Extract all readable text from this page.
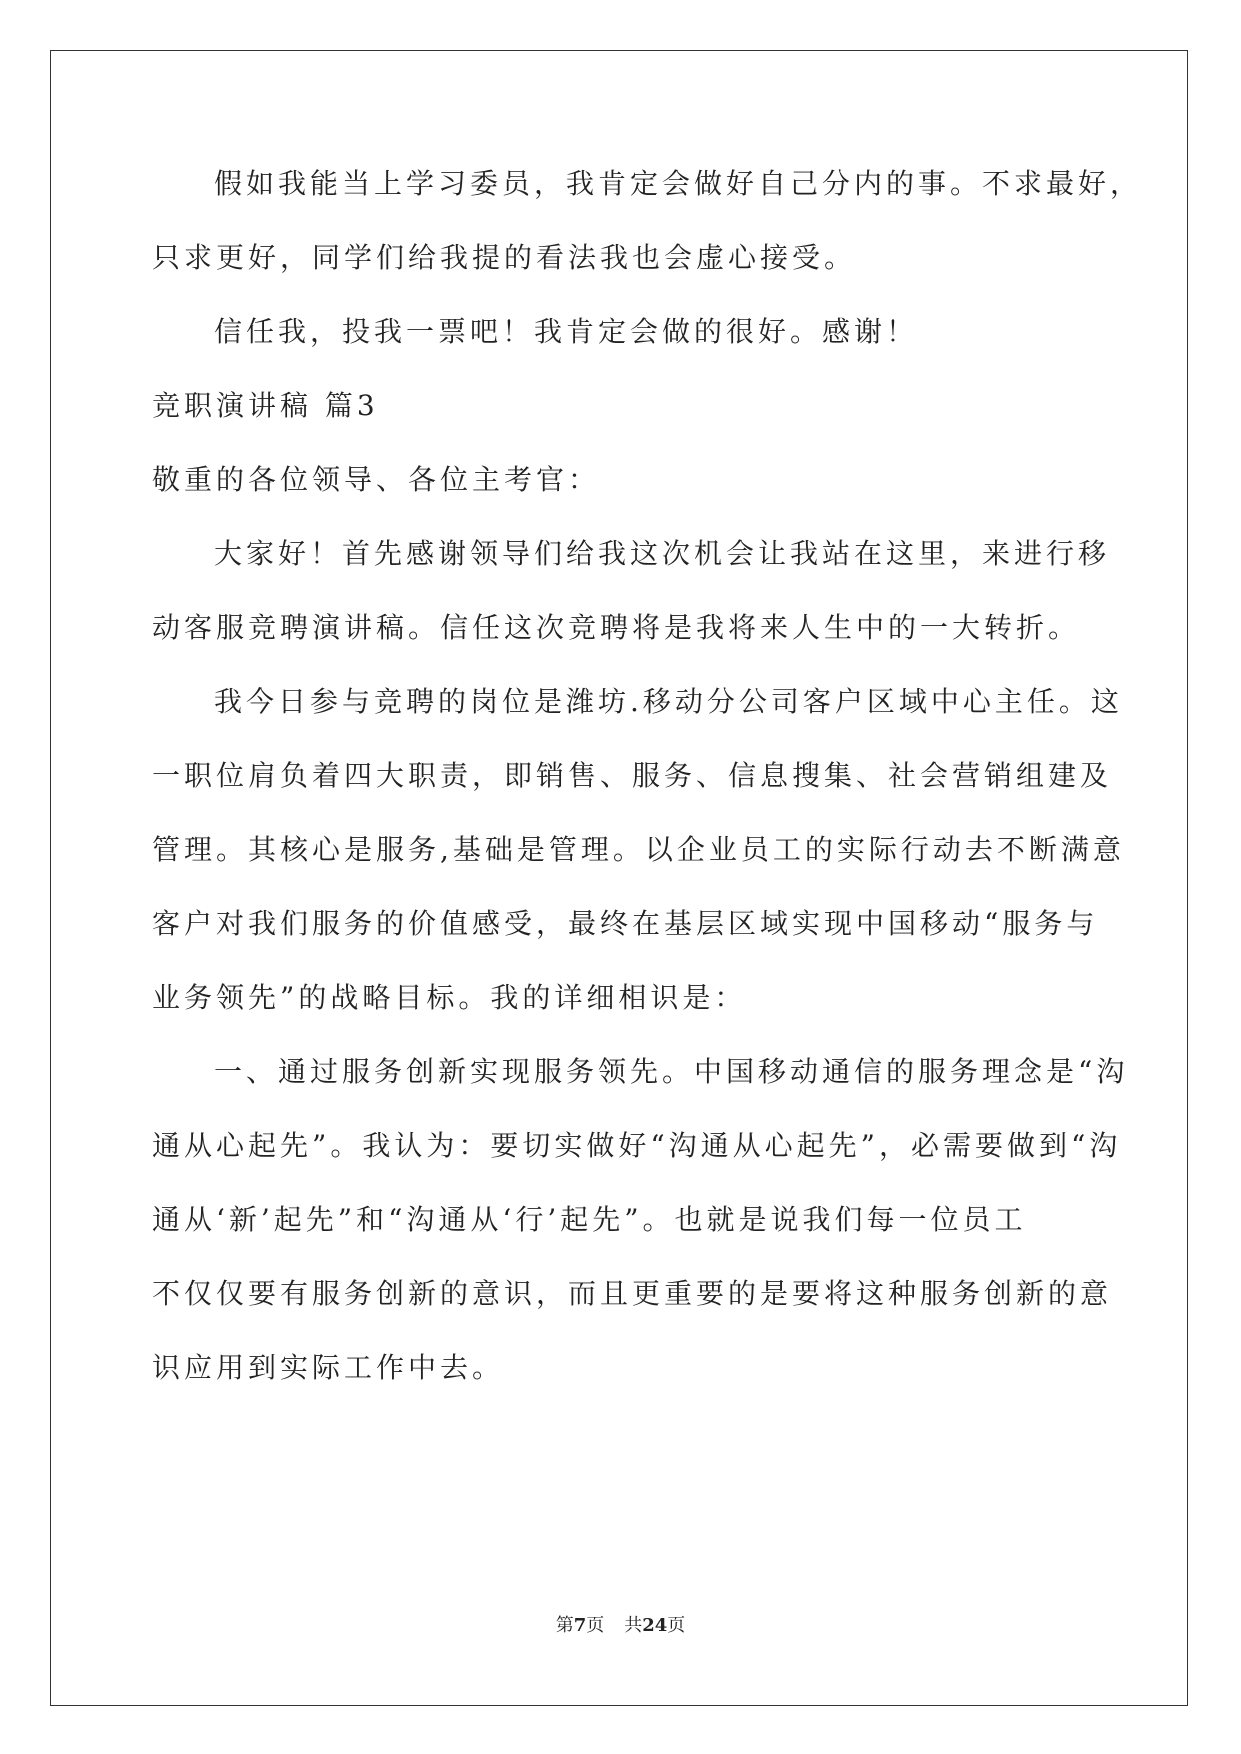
假如我能当上学习委员，我肯定会做好自己分内的事。不求最好，
只求更好，同学们给我提的看法我也会虚心接受。
信任我，投我一票吧！我肯定会做的很好。感谢！
竞职演讲稿 篇3
敬重的各位领导、各位主考官：
大家好！首先感谢领导们给我这次机会让我站在这里，来进行移
动客服竞聘演讲稿。信任这次竞聘将是我将来人生中的一大转折。
我今日参与竞聘的岗位是潍坊.移动分公司客户区域中心主任。这
一职位肩负着四大职责，即销售、服务、信息搜集、社会营销组建及
管理。其核心是服务,基础是管理。以企业员工的实际行动去不断满意
客户对我们服务的价值感受，最终在基层区域实现中国移动“服务与
业务领先”的战略目标。我的详细相识是：
一、通过服务创新实现服务领先。中国移动通信的服务理念是“沟
通从心起先”。我认为：要切实做好“沟通从心起先”，必需要做到“沟
通从‘新’起先”和“沟通从‘行’起先”。也就是说我们每一位员工
不仅仅要有服务创新的意识，而且更重要的是要将这种服务创新的意
识应用到实际工作中去。
第7页 共24页
